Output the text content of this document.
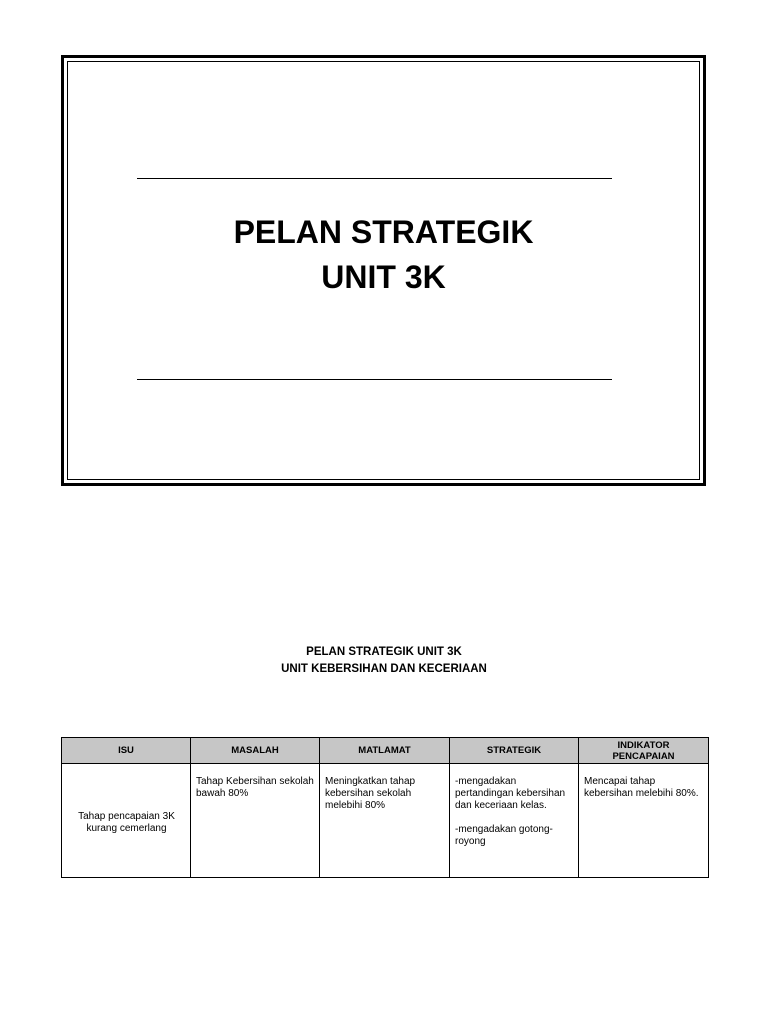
PELAN STRATEGIK
UNIT 3K
PELAN STRATEGIK UNIT 3K
UNIT KEBERSIHAN DAN KECERIAAN
ISU	MASALAH	MATLAMAT	STRATEGIK	INDIKATOR
PENCAPAIAN

Tahap pencapaian 3K kurang cemerlang	Tahap Kebersihan sekolah bawah 80%	Meningkatkan tahap kebersihan sekolah melebihi 80%	-mengadakan pertandingan kebersihan dan keceriaan kelas.
-mengadakan gotong-royong	Mencapai tahap kebersihan melebihi 80%.
